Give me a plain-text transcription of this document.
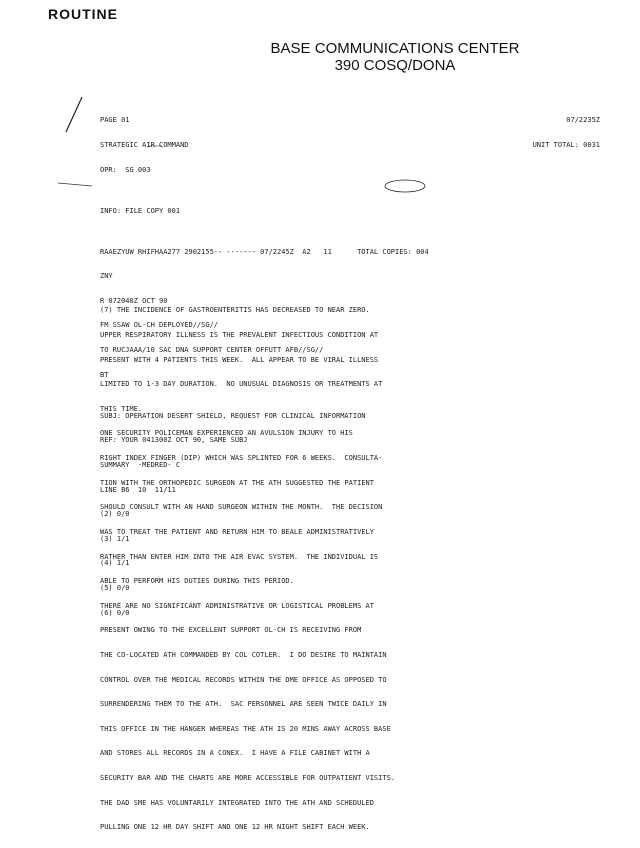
ROUTINE
BASE COMMUNICATIONS CENTER
390 COSQ/DONA

PAGE 01

STRATEGIC AIR COMMAND

OPR:  SG 003

INFO: FILE COPY 001

RAAEZYUW RHIFHAA277 2902155-- ------- 07/2245Z  A2   11      TOTAL COPIES: 004

ZNY

R 072040Z OCT 90

FM SSAW OL-CH DEPLOYED//SG//

TO RUCJAAA/10 SAC DNA SUPPORT CENTER OFFUTT AFB//SG//

BT

SUBJ: OPERATION DESERT SHIELD, REQUEST FOR CLINICAL INFORMATION

REF: YOUR 041300Z OCT 90, SAME SUBJ

SUMMARY  -MEDRED- C

LINE B6  10  11/11

(2) 0/0

(3) 1/1

(4) 1/1

(5) 0/0

(6) 0/0

07/2235Z

UNIT TOTAL: 0031

(7) THE INCIDENCE OF GASTROENTERITIS HAS DECREASED TO NEAR ZERO.

UPPER RESPIRATORY ILLNESS IS THE PREVALENT INFECTIOUS CONDITION AT

PRESENT WITH 4 PATIENTS THIS WEEK.  ALL APPEAR TO BE VIRAL ILLNESS

LIMITED TO 1-3 DAY DURATION.  NO UNUSUAL DIAGNOSIS OR TREATMENTS AT

THIS TIME.

ONE SECURITY POLICEMAN EXPERIENCED AN AVULSION INJURY TO HIS

RIGHT INDEX FINGER (DIP) WHICH WAS SPLINTED FOR 6 WEEKS.  CONSULTA-

TION WITH THE ORTHOPEDIC SURGEON AT THE ATH SUGGESTED THE PATIENT

SHOULD CONSULT WITH AN HAND SURGEON WITHIN THE MONTH.  THE DECISION

WAS TO TREAT THE PATIENT AND RETURN HIM TO BEALE ADMINISTRATIVELY

RATHER THAN ENTER HIM INTO THE AIR EVAC SYSTEM.  THE INDIVIDUAL IS

ABLE TO PERFORM HIS DUTIES DURING THIS PERIOD.

THERE ARE NO SIGNIFICANT ADMINISTRATIVE OR LOGISTICAL PROBLEMS AT

PRESENT OWING TO THE EXCELLENT SUPPORT OL-CH IS RECEIVING FROM

THE CO-LOCATED ATH COMMANDED BY COL COTLER.  I DO DESIRE TO MAINTAIN

CONTROL OVER THE MEDICAL RECORDS WITHIN THE DME OFFICE AS OPPOSED TO

SURRENDERING THEM TO THE ATH.  SAC PERSONNEL ARE SEEN TWICE DAILY IN

THIS OFFICE IN THE HANGER WHEREAS THE ATH IS 20 MINS AWAY ACROSS BASE

AND STORES ALL RECORDS IN A CONEX.  I HAVE A FILE CABINET WITH A

SECURITY BAR AND THE CHARTS ARE MORE ACCESSIBLE FOR OUTPATIENT VISITS.

THE DAD SME HAS VOLUNTARILY INTEGRATED INTO THE ATH AND SCHEDULED

PULLING ONE 12 HR DAY SHIFT AND ONE 12 HR NIGHT SHIFT EACH WEEK.
